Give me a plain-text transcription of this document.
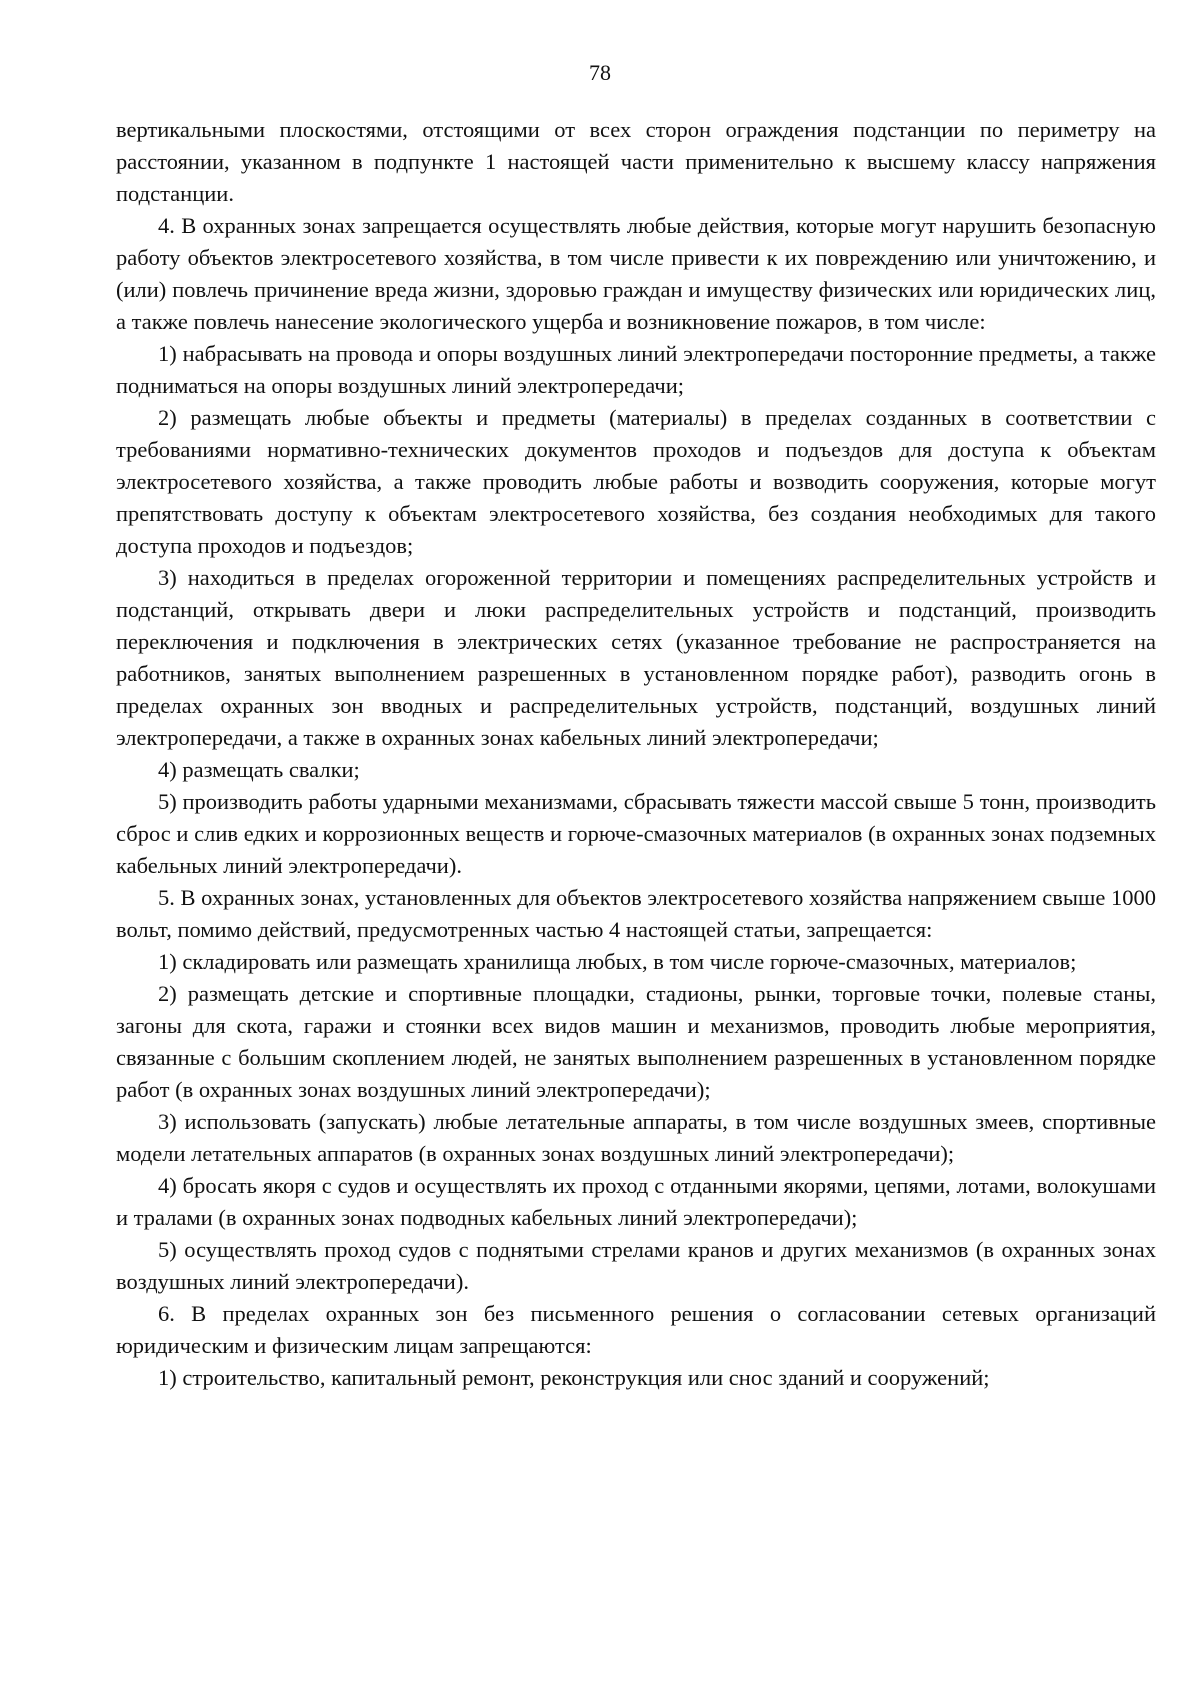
78

вертикальными плоскостями, отстоящими от всех сторон ограждения подстанции по периметру на расстоянии, указанном в подпункте 1 настоящей части применительно к высшему классу напряжения подстанции.

4. В охранных зонах запрещается осуществлять любые действия, которые могут нарушить безопасную работу объектов электросетевого хозяйства, в том числе привести к их повреждению или уничтожению, и (или) повлечь причинение вреда жизни, здоровью граждан и имуществу физических или юридических лиц, а также повлечь нанесение экологического ущерба и возникновение пожаров, в том числе:

1) набрасывать на провода и опоры воздушных линий электропередачи посторонние предметы, а также подниматься на опоры воздушных линий электропередачи;

2) размещать любые объекты и предметы (материалы) в пределах созданных в соответствии с требованиями нормативно-технических документов проходов и подъездов для доступа к объектам электросетевого хозяйства, а также проводить любые работы и возводить сооружения, которые могут препятствовать доступу к объектам электросетевого хозяйства, без создания необходимых для такого доступа проходов и подъездов;

3) находиться в пределах огороженной территории и помещениях распределительных устройств и подстанций, открывать двери и люки распределительных устройств и подстанций, производить переключения и подключения в электрических сетях (указанное требование не распространяется на работников, занятых выполнением разрешенных в установленном порядке работ), разводить огонь в пределах охранных зон вводных и распределительных устройств, подстанций, воздушных линий электропередачи, а также в охранных зонах кабельных линий электропередачи;

4) размещать свалки;

5) производить работы ударными механизмами, сбрасывать тяжести массой свыше 5 тонн, производить сброс и слив едких и коррозионных веществ и горюче-смазочных материалов (в охранных зонах подземных кабельных линий электропередачи).

5. В охранных зонах, установленных для объектов электросетевого хозяйства напряжением свыше 1000 вольт, помимо действий, предусмотренных частью 4 настоящей статьи, запрещается:

1) складировать или размещать хранилища любых, в том числе горюче-смазочных, материалов;

2) размещать детские и спортивные площадки, стадионы, рынки, торговые точки, полевые станы, загоны для скота, гаражи и стоянки всех видов машин и механизмов, проводить любые мероприятия, связанные с большим скоплением людей, не занятых выполнением разрешенных в установленном порядке работ (в охранных зонах воздушных линий электропередачи);

3) использовать (запускать) любые летательные аппараты, в том числе воздушных змеев, спортивные модели летательных аппаратов (в охранных зонах воздушных линий электропередачи);

4) бросать якоря с судов и осуществлять их проход с отданными якорями, цепями, лотами, волокушами и тралами (в охранных зонах подводных кабельных линий электропередачи);

5) осуществлять проход судов с поднятыми стрелами кранов и других механизмов (в охранных зонах воздушных линий электропередачи).

6. В пределах охранных зон без письменного решения о согласовании сетевых организаций юридическим и физическим лицам запрещаются:

1) строительство, капитальный ремонт, реконструкция или снос зданий и сооружений;
